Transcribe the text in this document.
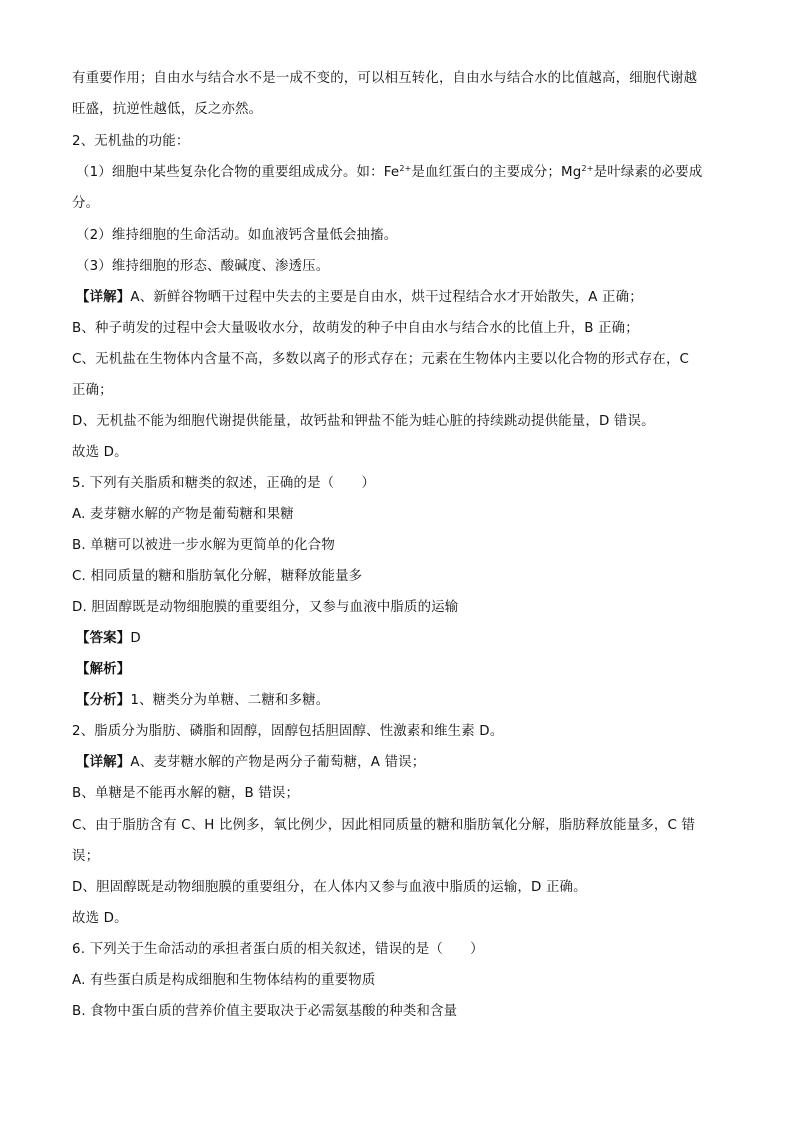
有重要作用；自由水与结合水不是一成不变的，可以相互转化，自由水与结合水的比值越高，细胞代谢越
旺盛，抗逆性越低，反之亦然。
2、无机盐的功能：
（1）细胞中某些复杂化合物的重要组成成分。如：$Fe^{2+}$是血红蛋白的主要成分；$Mg^{2+}$是叶绿素的必要成
分。
（2）维持细胞的生命活动。如血液钙含量低会抽搐。
（3）维持细胞的形态、酸碱度、渗透压。
【详解】A、新鲜谷物晒干过程中失去的主要是自由水，烘干过程结合水才开始散失，A 正确；
B、种子萌发的过程中会大量吸收水分，故萌发的种子中自由水与结合水的比值上升，B 正确；
C、无机盐在生物体内含量不高，多数以离子的形式存在；元素在生物体内主要以化合物的形式存在，C
正确；
D、无机盐不能为细胞代谢提供能量，故钙盐和钾盐不能为蛙心脏的持续跳动提供能量，D 错误。
故选 D。
5. 下列有关脂质和糖类的叙述，正确的是（　　）
A. 麦芽糖水解的产物是葡萄糖和果糖
B. 单糖可以被进一步水解为更简单的化合物
C. 相同质量的糖和脂肪氧化分解，糖释放能量多
D. 胆固醇既是动物细胞膜的重要组分，又参与血液中脂质的运输
【答案】D
【解析】
【分析】1、糖类分为单糖、二糖和多糖。
2、脂质分为脂肪、磷脂和固醇，固醇包括胆固醇、性激素和维生素 D。
【详解】A、麦芽糖水解的产物是两分子葡萄糖，A 错误；
B、单糖是不能再水解的糖，B 错误；
C、由于脂肪含有 C、H 比例多，氧比例少，因此相同质量的糖和脂肪氧化分解，脂肪释放能量多，C 错
误；
D、胆固醇既是动物细胞膜的重要组分，在人体内又参与血液中脂质的运输，D 正确。
故选 D。
6. 下列关于生命活动的承担者蛋白质的相关叙述，错误的是（　　）
A. 有些蛋白质是构成细胞和生物体结构的重要物质
B. 食物中蛋白质的营养价值主要取决于必需氨基酸的种类和含量
